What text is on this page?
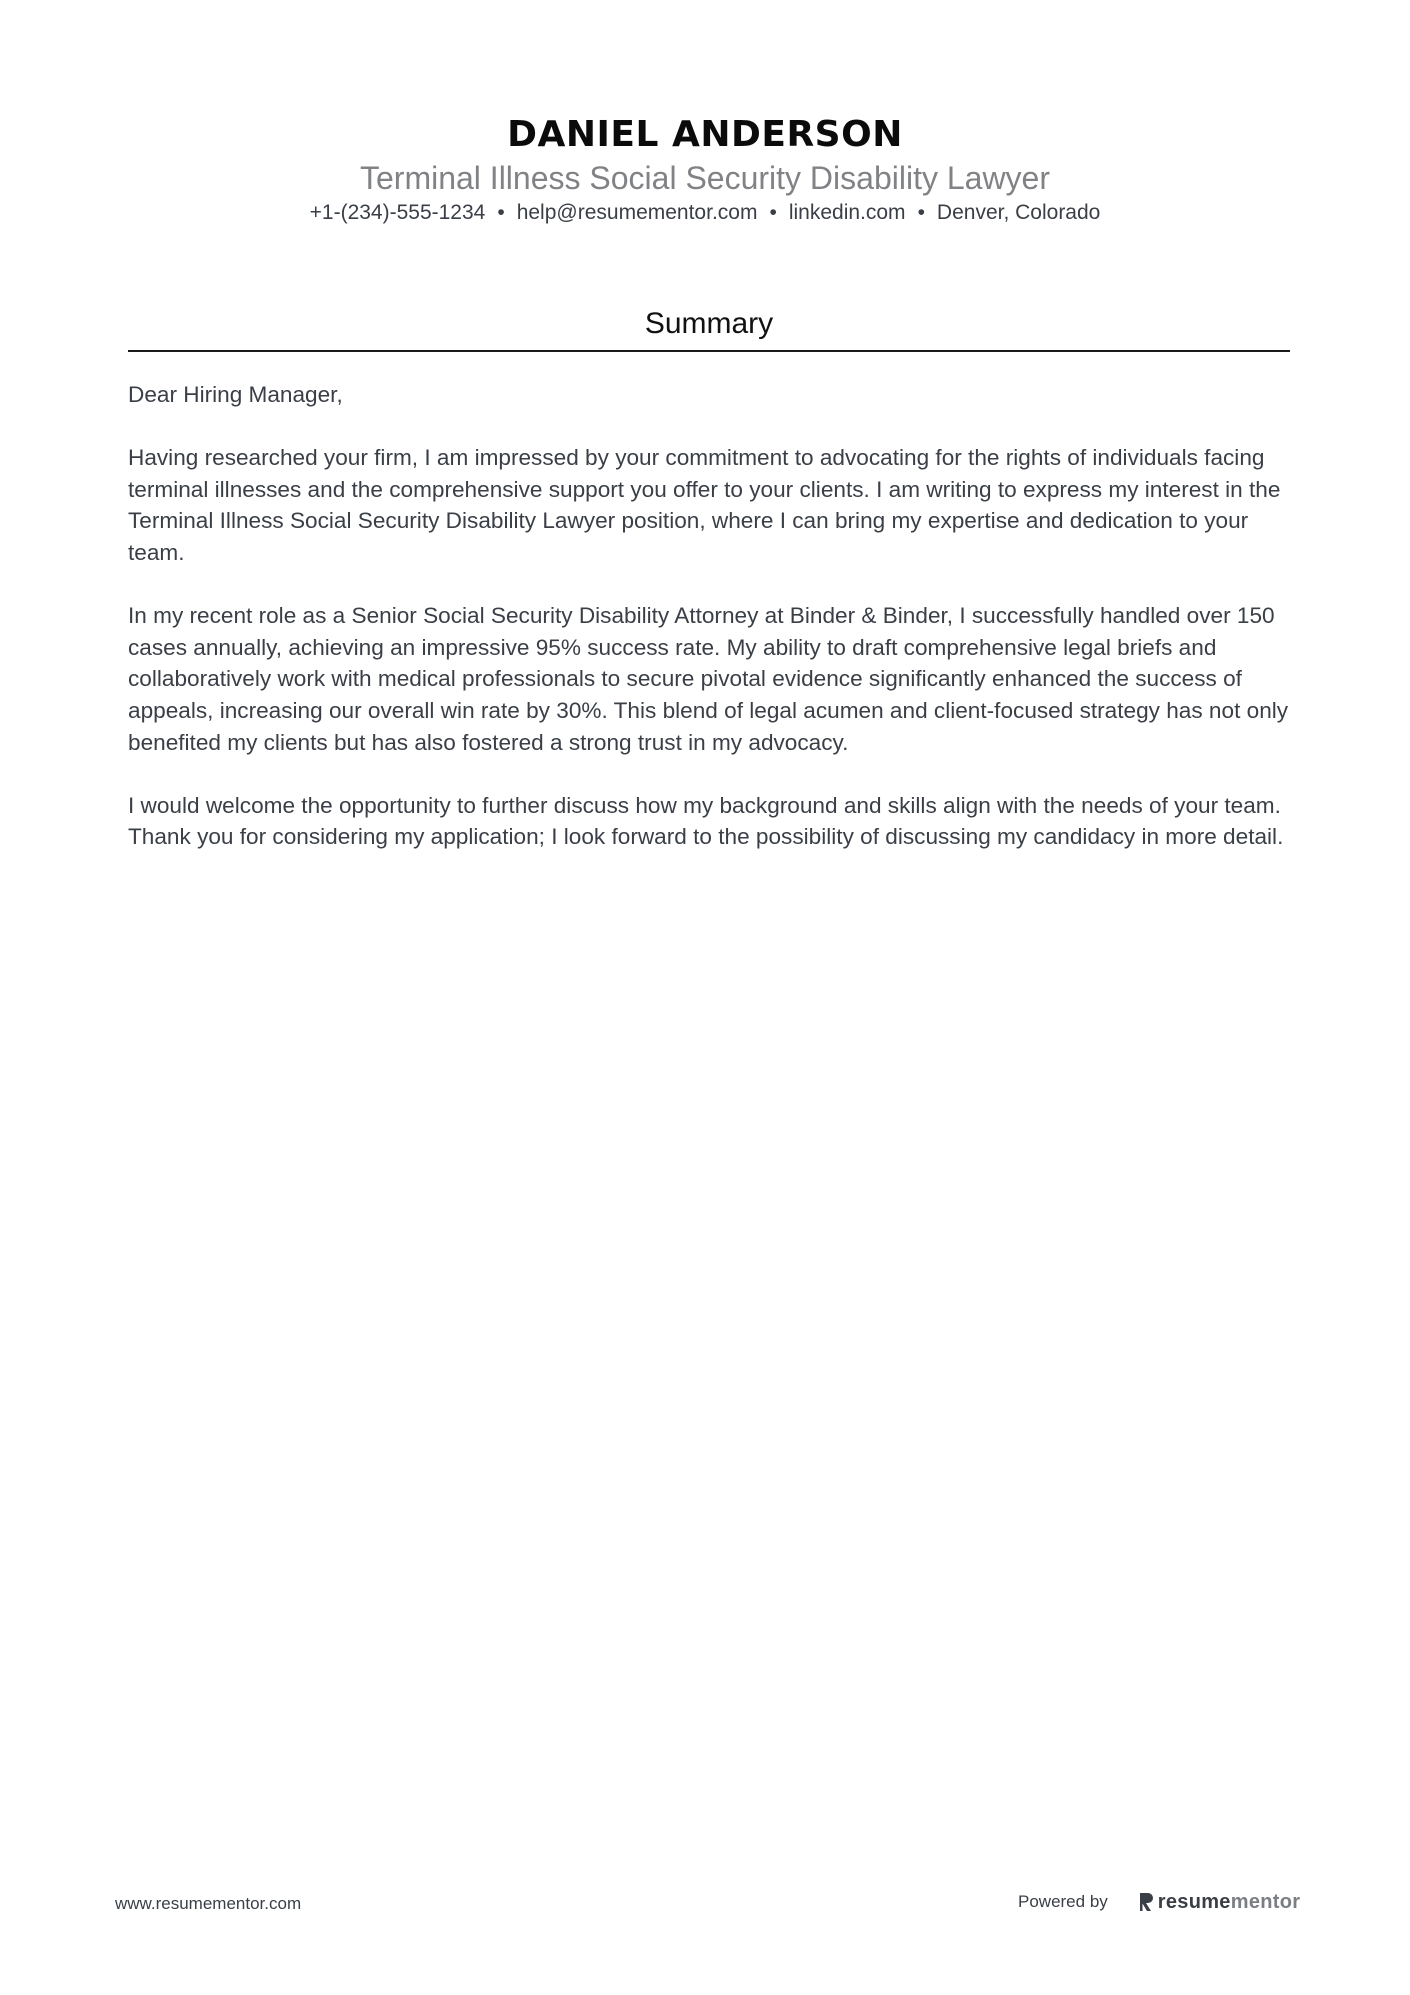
DANIEL ANDERSON
Terminal Illness Social Security Disability Lawyer
+1-(234)-555-1234 • help@resumementor.com • linkedin.com • Denver, Colorado
Summary

Dear Hiring Manager,

Having researched your firm, I am impressed by your commitment to advocating for the rights of individuals facing terminal illnesses and the comprehensive support you offer to your clients. I am writing to express my interest in the Terminal Illness Social Security Disability Lawyer position, where I can bring my expertise and dedication to your team.

In my recent role as a Senior Social Security Disability Attorney at Binder & Binder, I successfully handled over 150 cases annually, achieving an impressive 95% success rate. My ability to draft comprehensive legal briefs and collaboratively work with medical professionals to secure pivotal evidence significantly enhanced the success of appeals, increasing our overall win rate by 30%. This blend of legal acumen and client-focused strategy has not only benefited my clients but has also fostered a strong trust in my advocacy.

I would welcome the opportunity to further discuss how my background and skills align with the needs of your team. Thank you for considering my application; I look forward to the possibility of discussing my candidacy in more detail.

www.resumementor.com	Powered by	resumementor
